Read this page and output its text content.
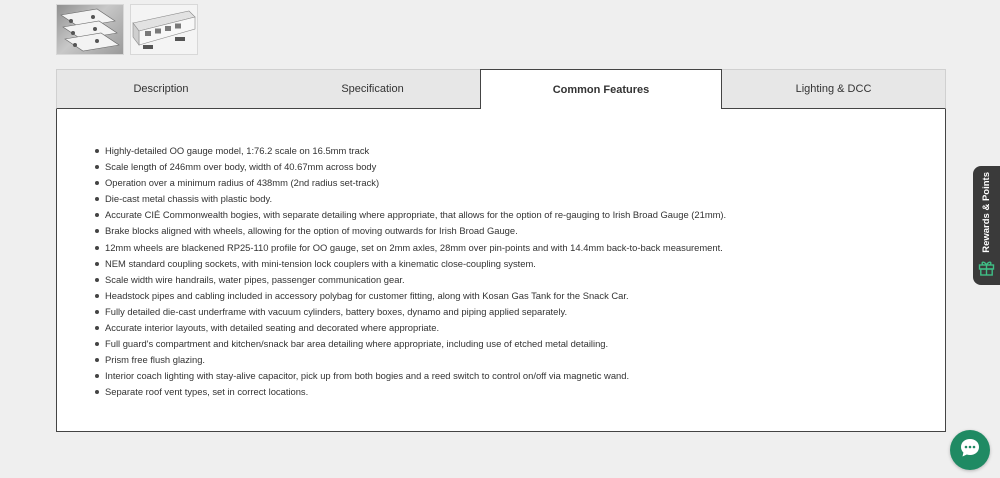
Description	Specification	Common Features	Lighting & DCC
Highly-detailed OO gauge model, 1:76.2 scale on 16.5mm track
Scale length of 246mm over body, width of 40.67mm across body
Operation over a minimum radius of 438mm (2nd radius set-track)
Die-cast metal chassis with plastic body.
Accurate CIÉ Commonwealth bogies, with separate detailing where appropriate, that allows for the option of re-gauging to Irish Broad Gauge (21mm).
Brake blocks aligned with wheels, allowing for the option of moving outwards for Irish Broad Gauge.
12mm wheels are blackened RP25-110 profile for OO gauge, set on 2mm axles, 28mm over pin-points and with 14.4mm back-to-back measurement.
NEM standard coupling sockets, with mini-tension lock couplers with a kinematic close-coupling system.
Scale width wire handrails, water pipes, passenger communication gear.
Headstock pipes and cabling included in accessory polybag for customer fitting, along with Kosan Gas Tank for the Snack Car.
Fully detailed die-cast underframe with vacuum cylinders, battery boxes, dynamo and piping applied separately.
Accurate interior layouts, with detailed seating and decorated where appropriate.
Full guard's compartment and kitchen/snack bar area detailing where appropriate, including use of etched metal detailing.
Prism free flush glazing.
Interior coach lighting with stay-alive capacitor, pick up from both bogies and a reed switch to control on/off via magnetic wand.
Separate roof vent types, set in correct locations.
Rewards & Points
